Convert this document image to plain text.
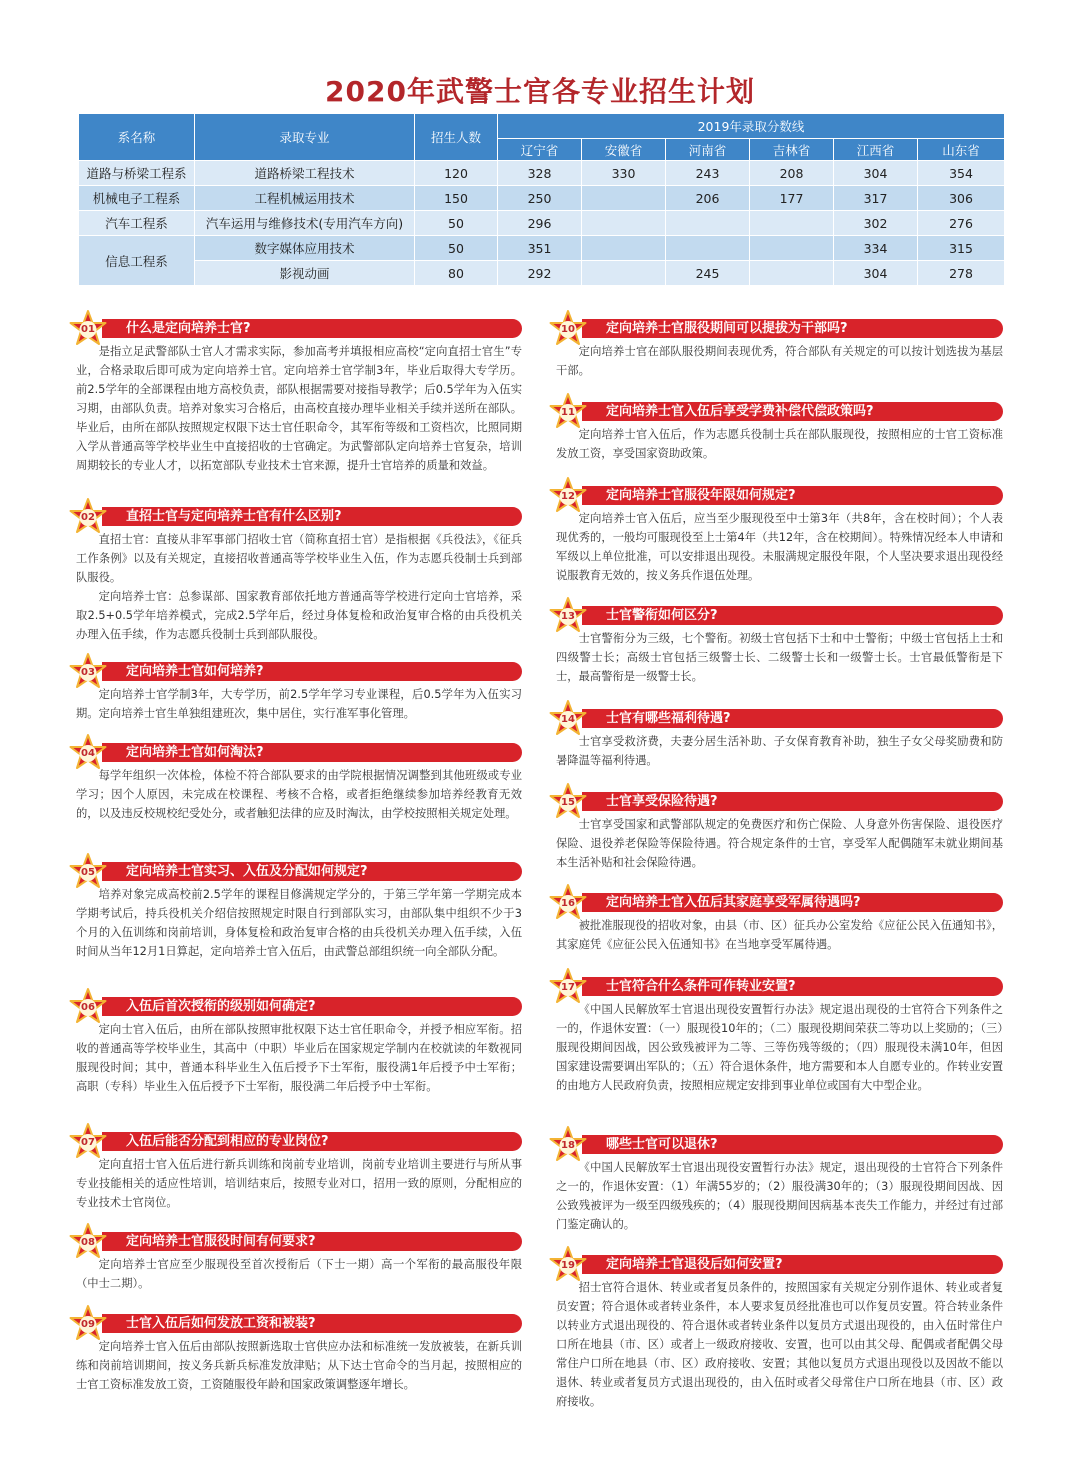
2020年武警士官各专业招生计划
系名称	录取专业	招生人数	2019年录取分数线					
			辽宁省	安徽省	河南省	吉林省	江西省	山东省
道路与桥梁工程系	道路桥梁工程技术	120	328	330	243	208	304	354
机械电子工程系	工程机械运用技术	150	250		206	177	317	306
汽车工程系	汽车运用与维修技术(专用汽车方向)	50	296				302	276
信息工程系	数字媒体应用技术	50	351				334	315
	影视动画	80	292		245		304	278
什么是定向培养士官?
01

是指立足武警部队士官人才需求实际，参加高考并填报相应高校“定向直招士官生”专业，合格录取后即可成为定向培养士官。定向培养士官学制3年，毕业后取得大专学历。前2.5学年的全部课程由地方高校负责，部队根据需要对接指导教学；后0.5学年为入伍实习期，由部队负责。培养对象实习合格后，由高校直接办理毕业相关手续并送所在部队。毕业后，由所在部队按照规定权限下达士官任职命令，其军衔等级和工资档次，比照同期入学从普通高等学校毕业生中直接招收的士官确定。为武警部队定向培养士官复杂，培训周期较长的专业人才，以拓宽部队专业技术士官来源，提升士官培养的质量和效益。

直招士官与定向培养士官有什么区别?
02

直招士官：直接从非军事部门招收士官（简称直招士官）是指根据《兵役法》，《征兵工作条例》以及有关规定，直接招收普通高等学校毕业生入伍，作为志愿兵役制士兵到部队服役。

定向培养士官：总参谋部、国家教育部依托地方普通高等学校进行定向士官培养，采取2.5+0.5学年培养模式，完成2.5学年后，经过身体复检和政治复审合格的由兵役机关办理入伍手续，作为志愿兵役制士兵到部队服役。

定向培养士官如何培养?
03

定向培养士官学制3年，大专学历，前2.5学年学习专业课程，后0.5学年为入伍实习期。定向培养士官生单独组建班次，集中居住，实行准军事化管理。

定向培养士官如何淘汰?
04

每学年组织一次体检，体检不符合部队要求的由学院根据情况调整到其他班级或专业学习；因个人原因，未完成在校课程、考核不合格，或者拒绝继续参加培养经教育无效的，以及违反校规校纪受处分，或者触犯法律的应及时淘汰，由学校按照相关规定处理。

定向培养士官实习、入伍及分配如何规定?
05

培养对象完成高校前2.5学年的课程目修满规定学分的，于第三学年第一学期完成本学期考试后，持兵役机关介绍信按照规定时限自行到部队实习，由部队集中组织不少于3个月的入伍训练和岗前培训，身体复检和政治复审合格的由兵役机关办理入伍手续，入伍时间从当年12月1日算起，定向培养士官入伍后，由武警总部组织统一向全部队分配。

入伍后首次授衔的级别如何确定?
06

定向士官入伍后，由所在部队按照审批权限下达士官任职命令，并授予相应军衔。招收的普通高等学校毕业生，其高中（中职）毕业后在国家规定学制内在校就读的年数视同服现役时间；其中，普通本科毕业生入伍后授予下士军衔，服役满1年后授予中士军衔；高职（专科）毕业生入伍后授予下士军衔，服役满二年后授予中士军衔。

入伍后能否分配到相应的专业岗位?
07

定向直招士官入伍后进行新兵训练和岗前专业培训，岗前专业培训主要进行与所从事专业技能相关的适应性培训，培训结束后，按照专业对口，招用一致的原则，分配相应的专业技术士官岗位。

定向培养士官服役时间有何要求?
08

定向培养士官应至少服现役至首次授衔后（下士一期）高一个军衔的最高服役年限（中士二期）。

士官入伍后如何发放工资和被装?
09

定向培养士官入伍后由部队按照新选取士官供应办法和标准统一发放被装，在新兵训练和岗前培训期间，按义务兵新兵标准发放津贴；从下达士官命令的当月起，按照相应的士官工资标准发放工资，工资随服役年龄和国家政策调整逐年增长。

定向培养士官服役期间可以提拔为干部吗?
10

定向培养士官在部队服役期间表现优秀，符合部队有关规定的可以按计划选拔为基层干部。

定向培养士官入伍后享受学费补偿代偿政策吗?
11

定向培养士官入伍后，作为志愿兵役制士兵在部队服现役，按照相应的士官工资标准发放工资，享受国家资助政策。

定向培养士官服役年限如何规定?
12

定向培养士官入伍后，应当至少服现役至中士第3年（共8年，含在校时间）；个人表现优秀的，一般均可服现役至上士第4年（共12年，含在校期间）。特殊情况经本人申请和军级以上单位批准，可以安排退出现役。未服满规定服役年限，个人坚决要求退出现役经说服教育无效的，按义务兵作退伍处理。

士官警衔如何区分?
13

士官警衔分为三级，七个警衔。初级士官包括下士和中士警衔；中级士官包括上士和四级警士长；高级士官包括三级警士长、二级警士长和一级警士长。士官最低警衔是下士，最高警衔是一级警士长。

士官有哪些福利待遇?
14

士官享受救济费，夫妻分居生活补助、子女保育教育补助，独生子女父母奖励费和防暑降温等福利待遇。

士官享受保险待遇?
15

士官享受国家和武警部队规定的免费医疗和伤亡保险、人身意外伤害保险、退役医疗保险、退役养老保险等保险待遇。符合规定条件的士官，享受军人配偶随军未就业期间基本生活补贴和社会保险待遇。

定向培养士官入伍后其家庭享受军属待遇吗?
16

被批准服现役的招收对象，由县（市、区）征兵办公室发给《应征公民入伍通知书》，其家庭凭《应征公民入伍通知书》在当地享受军属待遇。

士官符合什么条件可作转业安置?
17

《中国人民解放军士官退出现役安置暂行办法》规定退出现役的士官符合下列条件之一的，作退休安置：（一）服现役10年的；（二）服现役期间荣获二等功以上奖励的；（三）服现役期间因战，因公致残被评为二等、三等伤残等级的；（四）服现役未满10年，但因国家建设需要调出军队的；（五）符合退休条件，地方需要和本人自愿专业的。作转业安置的由地方人民政府负责，按照相应规定安排到事业单位或国有大中型企业。

哪些士官可以退休?
18

《中国人民解放军士官退出现役安置暂行办法》规定，退出现役的士官符合下列条件之一的，作退休安置：（1）年满55岁的；（2）服役满30年的；（3）服现役期间因战、因公致残被评为一级至四级残疾的；（4）服现役期间因病基本丧失工作能力，并经过有过部门鉴定确认的。

定向培养士官退役后如何安置?
19

招士官符合退休、转业或者复员条件的，按照国家有关规定分别作退休、转业或者复员安置；符合退休或者转业条件，本人要求复员经批准也可以作复员安置。符合转业条件以转业方式退出现役的、符合退休或者转业条件以复员方式退出现役的，由入伍时常住户口所在地县（市、区）或者上一级政府接收、安置，也可以由其父母、配偶或者配偶父母常住户口所在地县（市、区）政府接收、安置；其他以复员方式退出现役以及因故不能以退休、转业或者复员方式退出现役的，由入伍时或者父母常住户口所在地县（市、区）政府接收。
